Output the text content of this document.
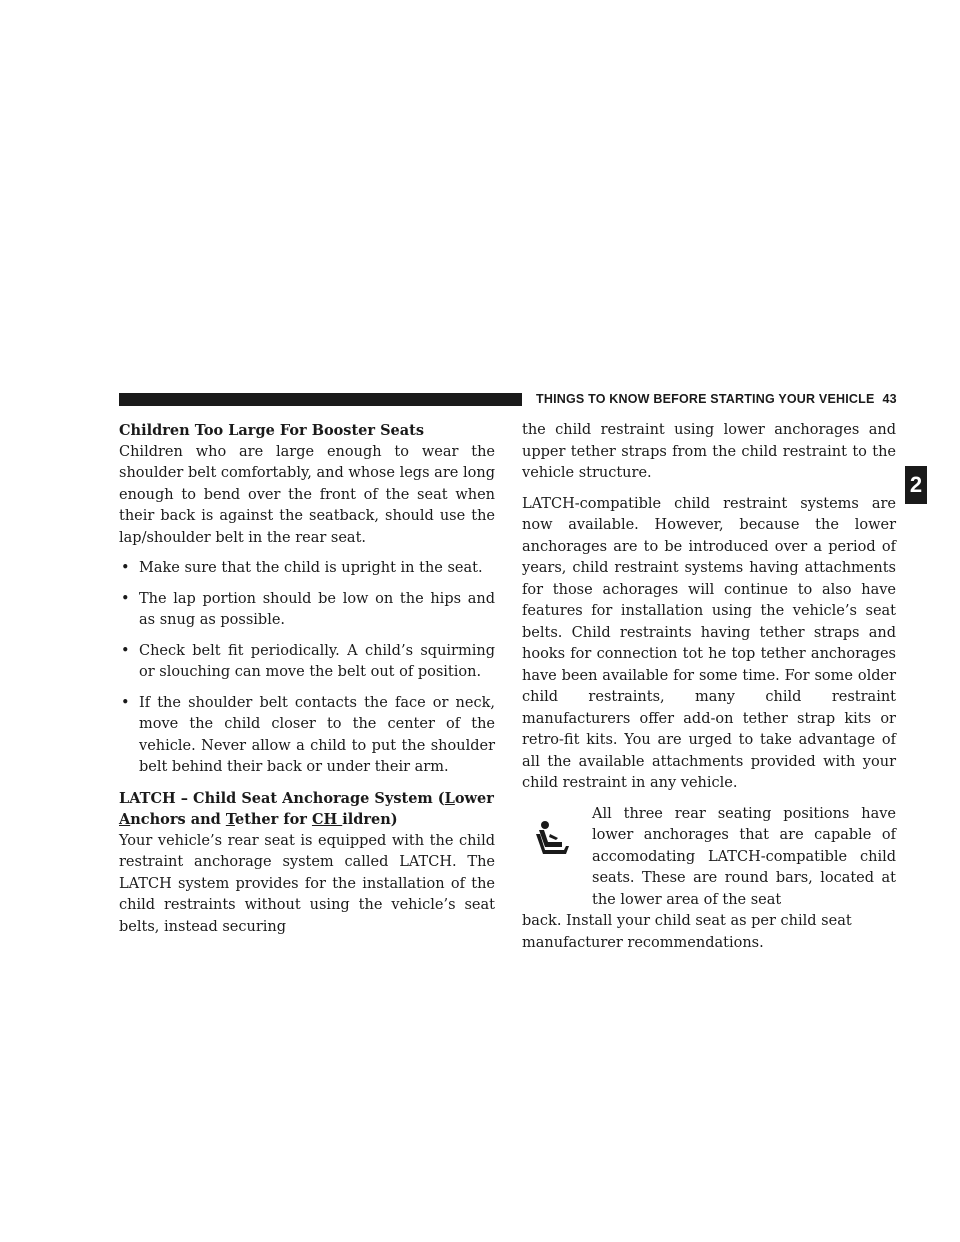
THINGS TO KNOW BEFORE STARTING YOUR VEHICLE 43
2

Children Too Large For Booster Seats

Children who are large enough to wear the shoulder belt comfortably, and whose legs are long enough to bend over the front of the seat when their back is against the seatback, should use the lap/shoulder belt in the rear seat.

• Make sure that the child is upright in the seat.
• The lap portion should be low on the hips and as snug as possible.
• Check belt fit periodically. A child’s squirming or slouching can move the belt out of position.
• If the shoulder belt contacts the face or neck, move the child closer to the center of the vehicle. Never allow a child to put the shoulder belt behind their back or under their arm.

LATCH – Child Seat Anchorage System (Lower
Anchors and Tether for CH ildren)

Your vehicle’s rear seat is equipped with the child restraint anchorage system called LATCH. The LATCH system provides for the installation of the child restraints without using the vehicle’s seat belts, instead securing

the child restraint using lower anchorages and upper tether straps from the child restraint to the vehicle structure.

LATCH-compatible child restraint systems are now available. However, because the lower anchorages are to be introduced over a period of years, child restraint systems having attachments for those achorages will continue to also have features for installation using the vehicle’s seat belts. Child restraints having tether straps and hooks for connection tot he top tether anchorages have been available for some time. For some older child restraints, many child restraint manufacturers offer add-on tether strap kits or retro-fit kits. You are urged to take advantage of all the available attachments provided with your child restraint in any vehicle.

All three rear seating positions have lower anchorages that are capable of accomodating LATCH-compatible child seats. These are round bars, located at the lower area of the seat

back. Install your child seat as per child seat manufacturer recommendations.
